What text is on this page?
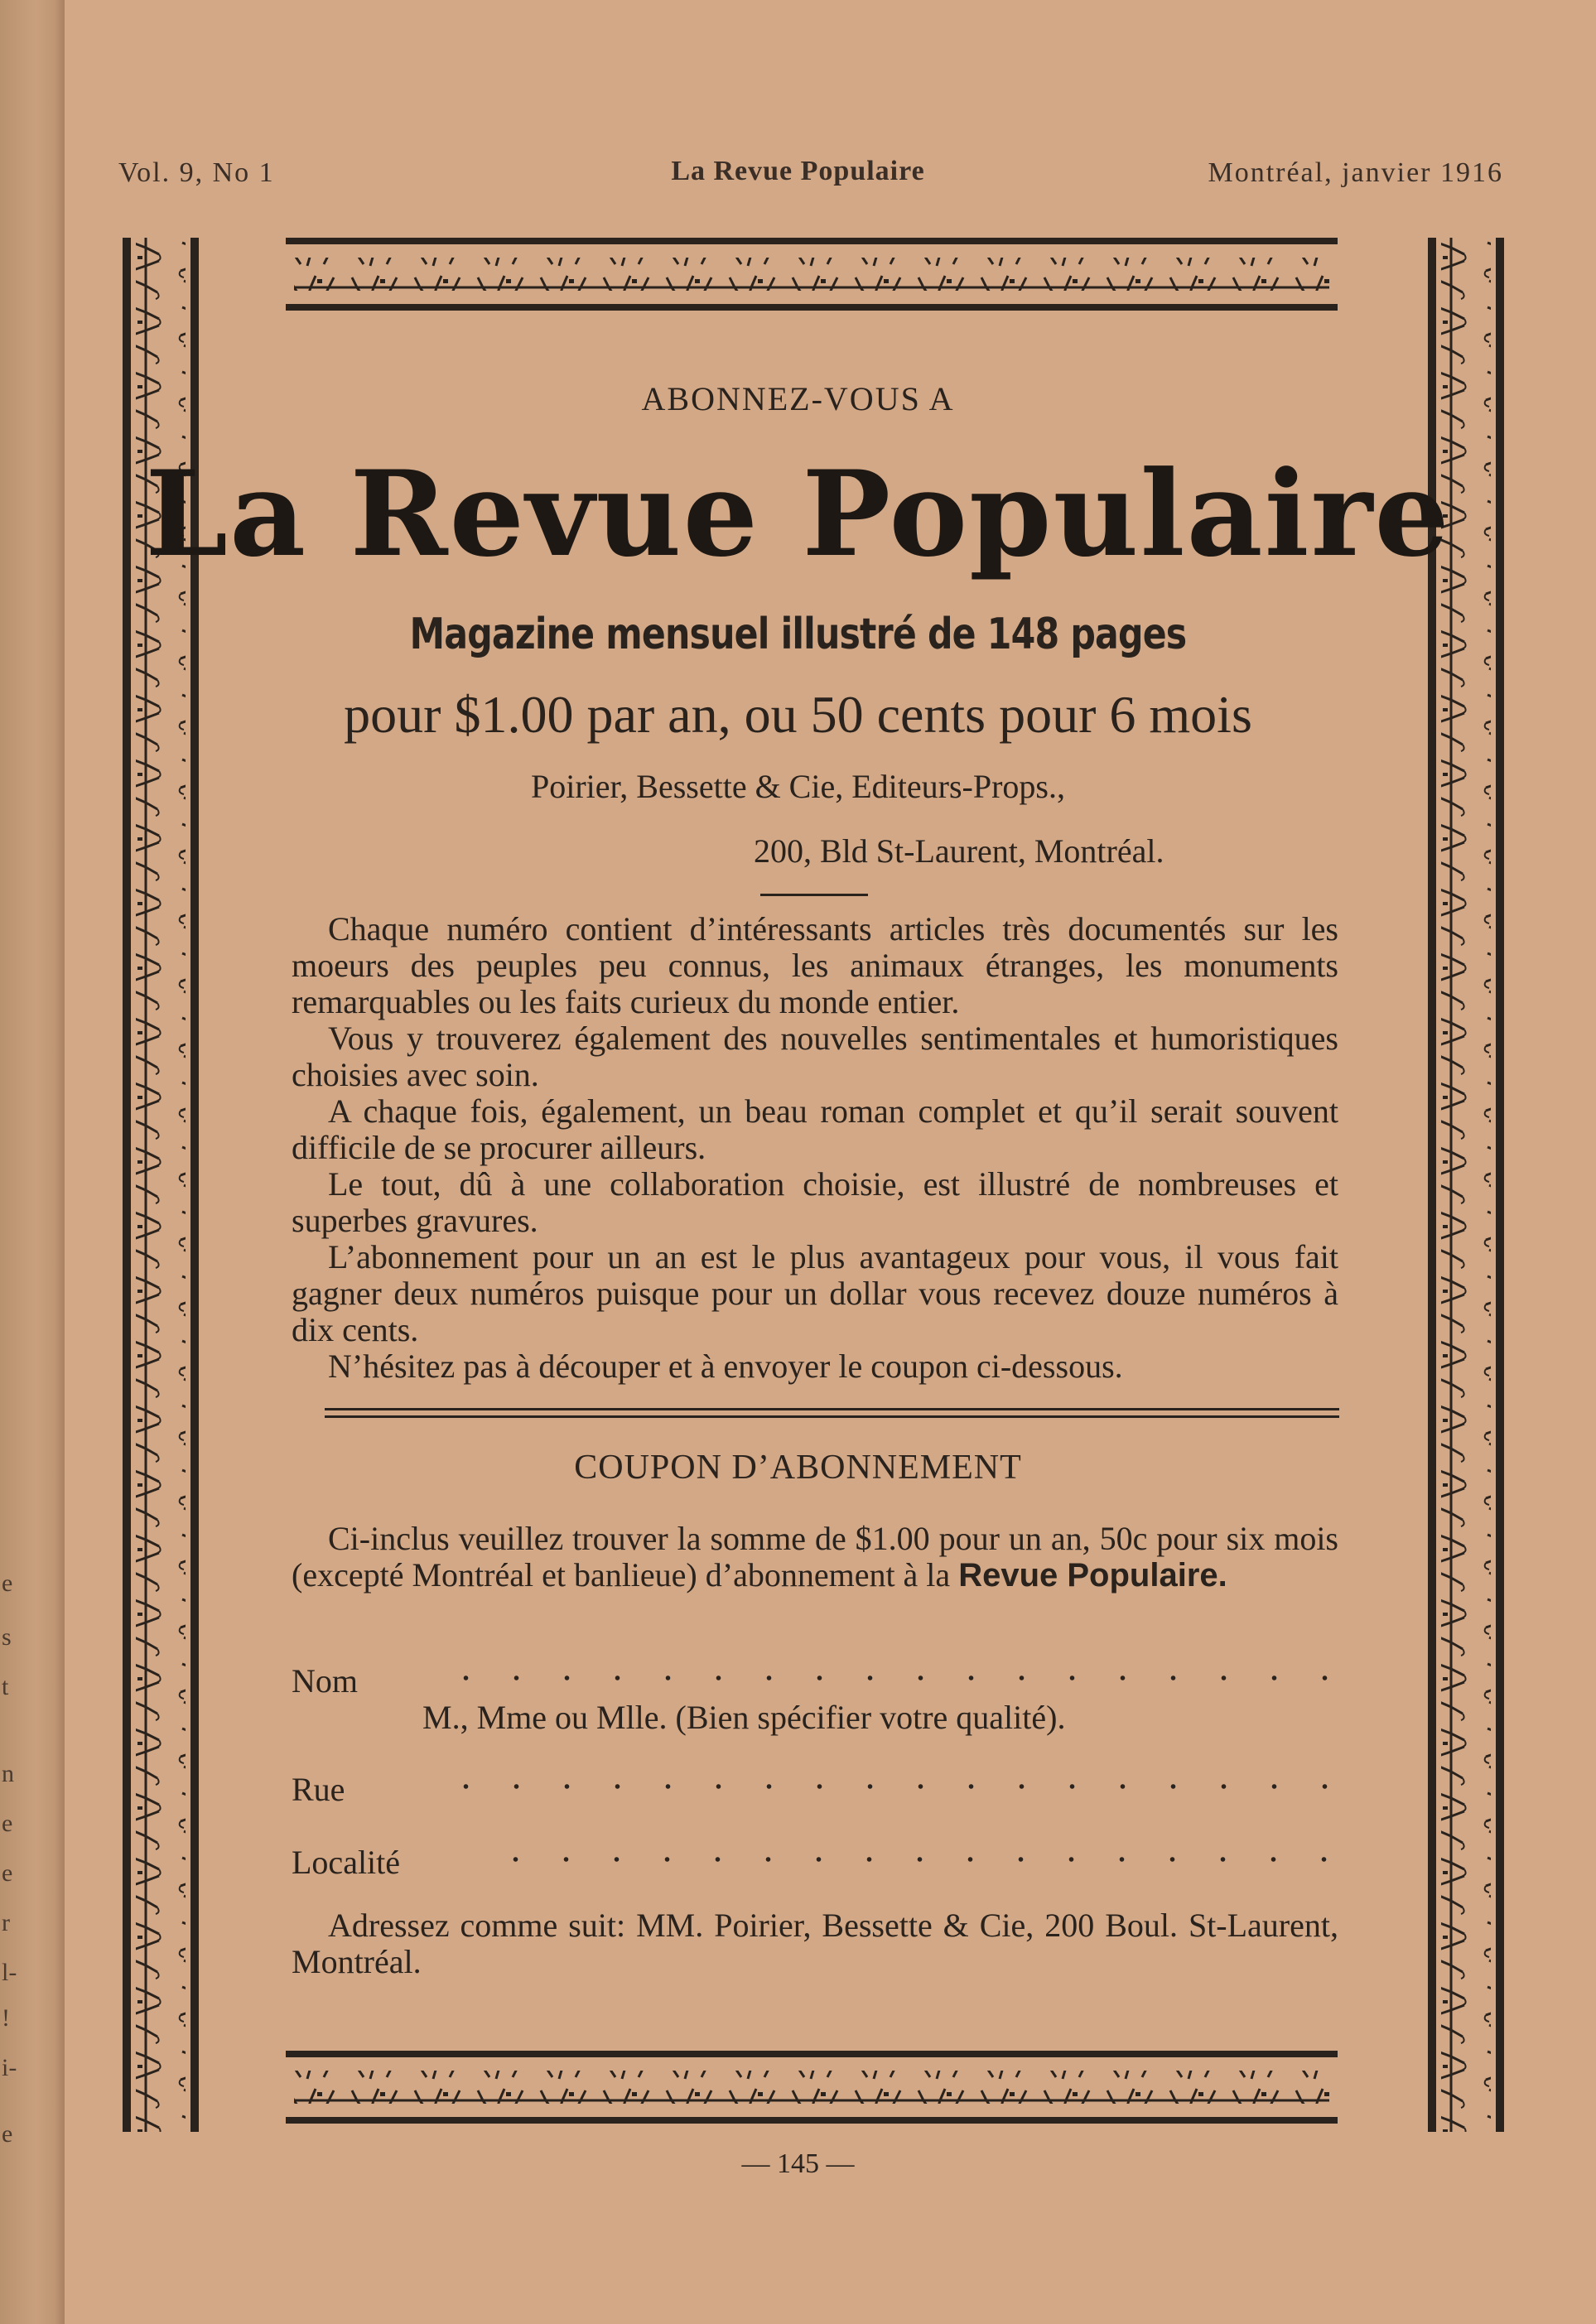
e
s
t
n
e
e
r
l-
!
i-
e
Vol. 9, No 1	La Revue Populaire	Montréal, janvier 1916
ABONNEZ-VOUS A
La Revue Populaire
Magazine mensuel illustré de 148 pages
pour $1.00 par an, ou 50 cents pour 6 mois
Poirier, Bessette & Cie, Editeurs-Props.,
200, Bld St-Laurent, Montréal.

Chaque numéro contient d’intéressants articles très documentés sur les moeurs des peuples peu connus, les animaux étranges, les monuments remarquables ou les faits curieux du monde entier.

Vous y trouverez également des nouvelles sentimentales et humoristiques choisies avec soin.

A chaque fois, également, un beau roman complet et qu’il serait souvent difficile de se procurer ailleurs.

Le tout, dû à une collaboration choisie, est illustré de nombreuses et superbes gravures.

L’abonnement pour un an est le plus avantageux pour vous, il vous fait gagner deux numéros puisque pour un dollar vous recevez douze numéros à dix cents.

N’hésitez pas à découper et à envoyer le coupon ci-dessous.

COUPON D’ABONNEMENT

Ci-inclus veuillez trouver la somme de $1.00 pour un an, 50c pour six mois (excepté Montréal et banlieue) d’abonnement à la Revue Populaire.

Nom
M., Mme ou Mlle. (Bien spécifier votre qualité).
Rue
Localité

Adressez comme suit: MM. Poirier, Bessette & Cie, 200 Boul. St-Laurent, Montréal.

— 145 —
